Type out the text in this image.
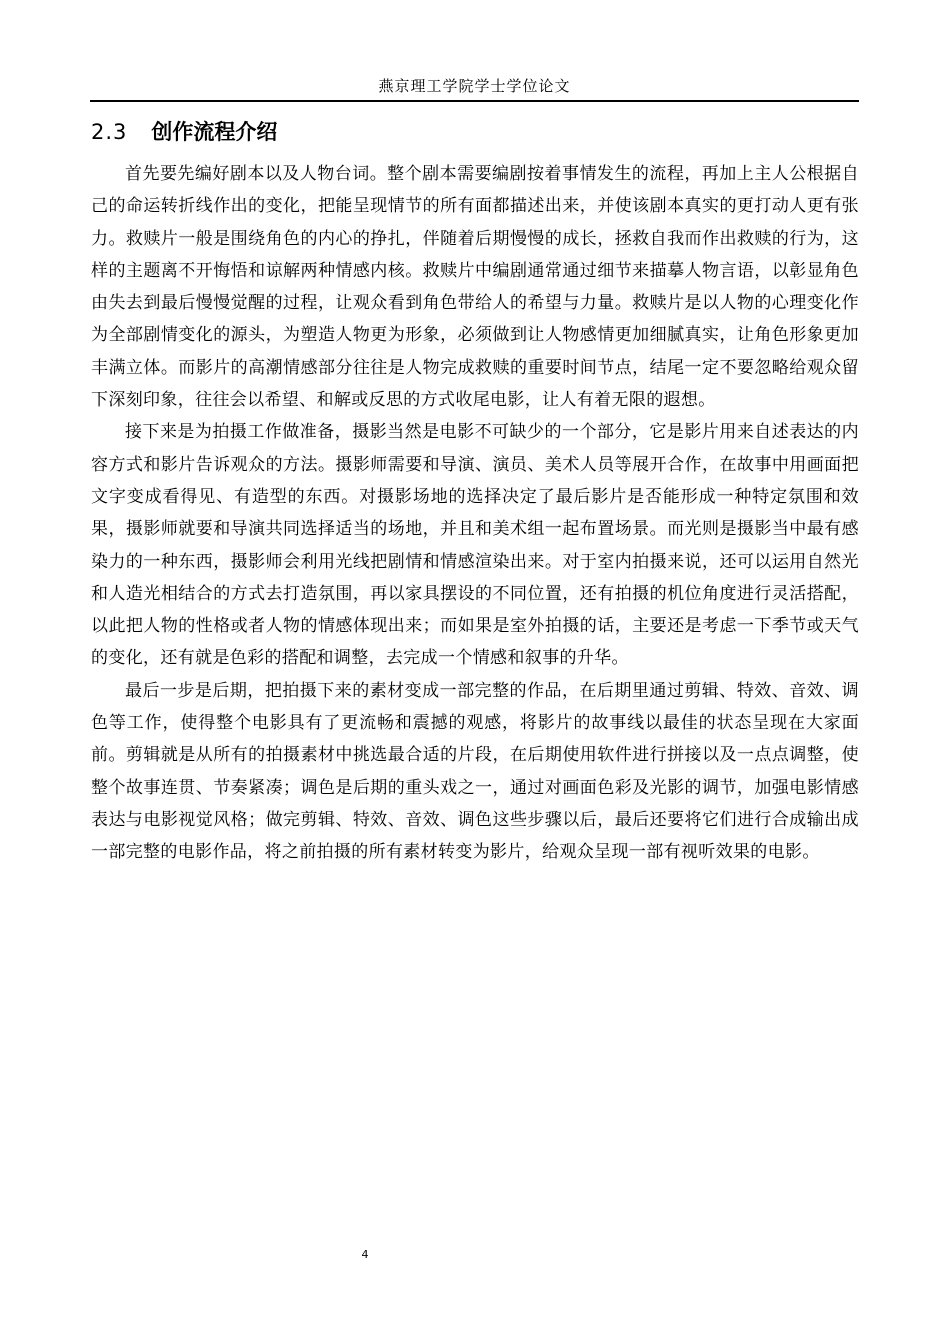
燕京理工学院学士学位论文
2.3 创作流程介绍

首先要先编好剧本以及人物台词。整个剧本需要编剧按着事情发生的流程，再加上主人公根据自己的命运转折线作出的变化，把能呈现情节的所有面都描述出来，并使该剧本真实的更打动人更有张力。救赎片一般是围绕角色的内心的挣扎，伴随着后期慢慢的成长，拯救自我而作出救赎的行为，这样的主题离不开悔悟和谅解两种情感内核。救赎片中编剧通常通过细节来描摹人物言语，以彰显角色由失去到最后慢慢觉醒的过程，让观众看到角色带给人的希望与力量。救赎片是以人物的心理变化作为全部剧情变化的源头，为塑造人物更为形象，必须做到让人物感情更加细腻真实，让角色形象更加丰满立体。而影片的高潮情感部分往往是人物完成救赎的重要时间节点，结尾一定不要忽略给观众留下深刻印象，往往会以希望、和解或反思的方式收尾电影，让人有着无限的遐想。

接下来是为拍摄工作做准备，摄影当然是电影不可缺少的一个部分，它是影片用来自述表达的内容方式和影片告诉观众的方法。摄影师需要和导演、演员、美术人员等展开合作，在故事中用画面把文字变成看得见、有造型的东西。对摄影场地的选择决定了最后影片是否能形成一种特定氛围和效果，摄影师就要和导演共同选择适当的场地，并且和美术组一起布置场景。而光则是摄影当中最有感染力的一种东西，摄影师会利用光线把剧情和情感渲染出来。对于室内拍摄来说，还可以运用自然光和人造光相结合的方式去打造氛围，再以家具摆设的不同位置，还有拍摄的机位角度进行灵活搭配，以此把人物的性格或者人物的情感体现出来；而如果是室外拍摄的话，主要还是考虑一下季节或天气的变化，还有就是色彩的搭配和调整，去完成一个情感和叙事的升华。

最后一步是后期，把拍摄下来的素材变成一部完整的作品，在后期里通过剪辑、特效、音效、调色等工作，使得整个电影具有了更流畅和震撼的观感，将影片的故事线以最佳的状态呈现在大家面前。剪辑就是从所有的拍摄素材中挑选最合适的片段，在后期使用软件进行拼接以及一点点调整，使整个故事连贯、节奏紧凑；调色是后期的重头戏之一，通过对画面色彩及光影的调节，加强电影情感表达与电影视觉风格；做完剪辑、特效、音效、调色这些步骤以后，最后还要将它们进行合成输出成一部完整的电影作品，将之前拍摄的所有素材转变为影片，给观众呈现一部有视听效果的电影。

4
